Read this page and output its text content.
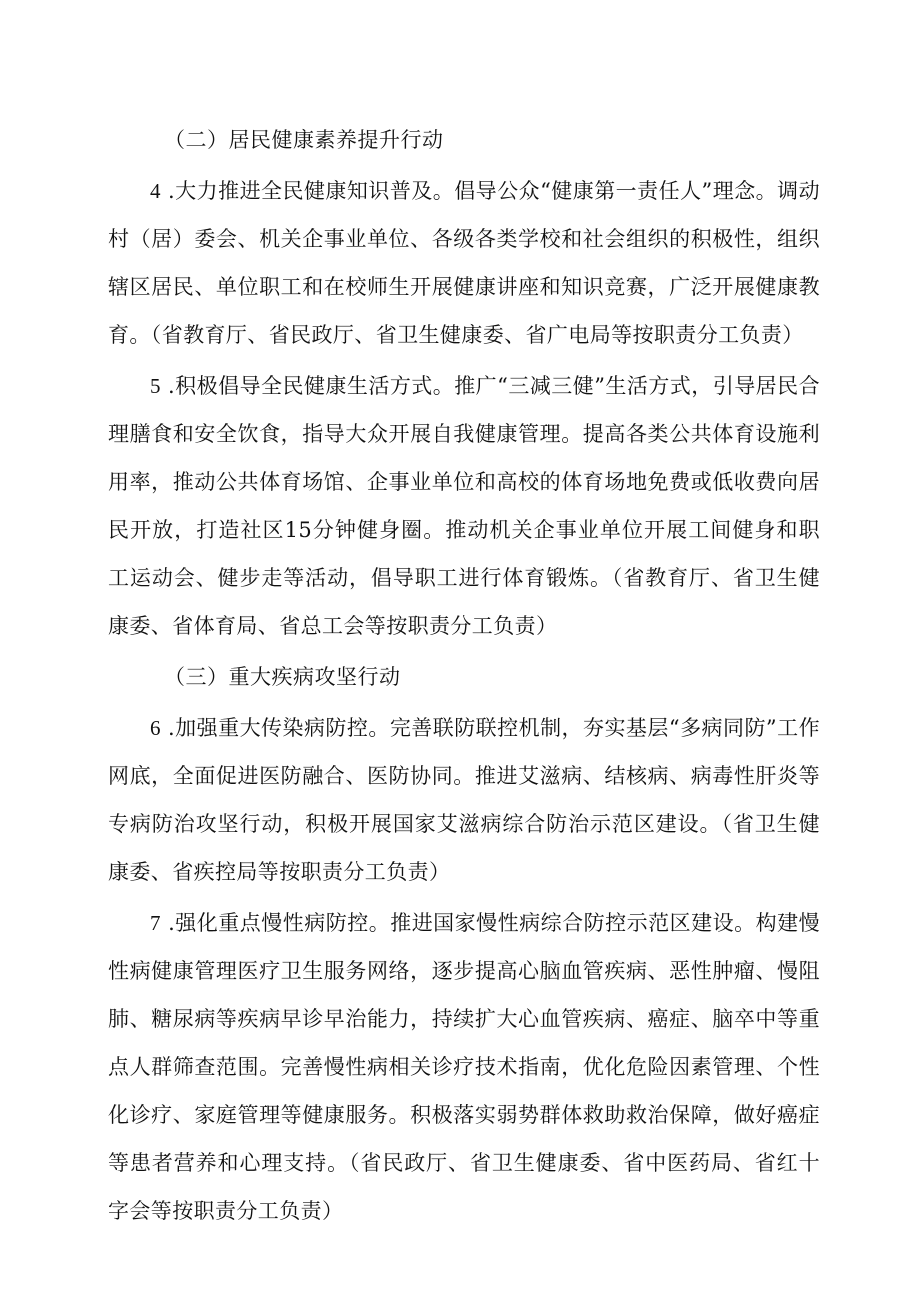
（二）居民健康素养提升行动

4 .大力推进全民健康知识普及。倡导公众“健康第一责任人”理念。调动村（居）委会、机关企事业单位、各级各类学校和社会组织的积极性，组织辖区居民、单位职工和在校师生开展健康讲座和知识竞赛，广泛开展健康教育。（省教育厅、省民政厅、省卫生健康委、省广电局等按职责分工负责）

5 .积极倡导全民健康生活方式。推广“三减三健”生活方式，引导居民合理膳食和安全饮食，指导大众开展自我健康管理。提高各类公共体育设施利用率，推动公共体育场馆、企事业单位和高校的体育场地免费或低收费向居民开放，打造社区15分钟健身圈。推动机关企事业单位开展工间健身和职工运动会、健步走等活动，倡导职工进行体育锻炼。（省教育厅、省卫生健康委、省体育局、省总工会等按职责分工负责）

（三）重大疾病攻坚行动

6 .加强重大传染病防控。完善联防联控机制，夯实基层“多病同防”工作网底，全面促进医防融合、医防协同。推进艾滋病、结核病、病毒性肝炎等专病防治攻坚行动，积极开展国家艾滋病综合防治示范区建设。（省卫生健康委、省疾控局等按职责分工负责）

7 .强化重点慢性病防控。推进国家慢性病综合防控示范区建设。构建慢性病健康管理医疗卫生服务网络，逐步提高心脑血管疾病、恶性肿瘤、慢阻肺、糖尿病等疾病早诊早治能力，持续扩大心血管疾病、癌症、脑卒中等重点人群筛查范围。完善慢性病相关诊疗技术指南，优化危险因素管理、个性化诊疗、家庭管理等健康服务。积极落实弱势群体救助救治保障，做好癌症等患者营养和心理支持。（省民政厅、省卫生健康委、省中医药局、省红十字会等按职责分工负责）
